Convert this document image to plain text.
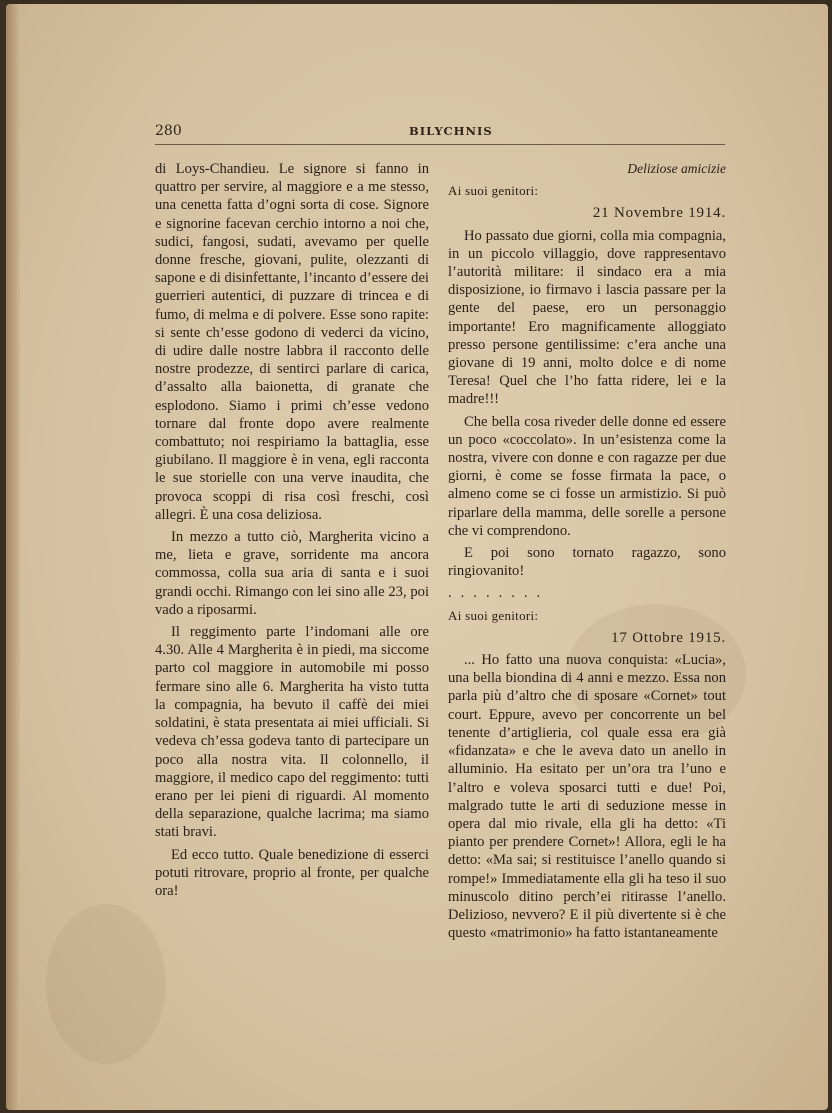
280	BILYCHNIS

di Loys-Chandieu. Le signore si fanno in quattro per servire, al maggiore e a me stesso, una cenetta fatta d’ogni sorta di cose. Signore e signorine facevan cerchio intorno a noi che, sudici, fangosi, sudati, avevamo per quelle donne fresche, giovani, pulite, olezzanti di sapone e di disinfettante, l’incanto d’essere dei guerrieri autentici, di puzzare di trincea e di fumo, di melma e di polvere. Esse sono rapite: si sente ch’esse godono di vederci da vicino, di udire dalle nostre labbra il racconto delle nostre prodezze, di sentirci parlare di carica, d’assalto alla baionetta, di granate che esplodono. Siamo i primi ch’esse vedono tornare dal fronte dopo avere realmente combattuto; noi respiriamo la battaglia, esse giubilano. Il maggiore è in vena, egli racconta le sue storielle con una verve inaudita, che provoca scoppi di risa così freschi, così allegri. È una cosa deliziosa.

In mezzo a tutto ciò, Margherita vicino a me, lieta e grave, sorridente ma ancora commossa, colla sua aria di santa e i suoi grandi occhi. Rimango con lei sino alle 23, poi vado a riposarmi.

Il reggimento parte l’indomani alle ore 4.30. Alle 4 Margherita è in piedi, ma siccome parto col maggiore in automobile mi posso fermare sino alle 6. Margherita ha visto tutta la compagnia, ha bevuto il caffè dei miei soldatini, è stata presentata ai miei ufficiali. Si vedeva ch’essa godeva tanto di partecipare un poco alla nostra vita. Il colonnello, il maggiore, il medico capo del reggimento: tutti erano per lei pieni di riguardi. Al momento della separazione, qualche lacrima; ma siamo stati bravi.

Ed ecco tutto. Quale benedizione di esserci potuti ritrovare, proprio al fronte, per qualche ora!

Deliziose amicizie

Ai suoi genitori:

21 Novembre 1914.

Ho passato due giorni, colla mia compagnia, in un piccolo villaggio, dove rappresentavo l’autorità militare: il sindaco era a mia disposizione, io firmavo i lascia passare per la gente del paese, ero un personaggio importante! Ero magnificamente alloggiato presso persone gentilissime: c’era anche una giovane di 19 anni, molto dolce e di nome Teresa! Quel che l’ho fatta ridere, lei e la madre!!!

Che bella cosa riveder delle donne ed essere un poco «coccolato». In un’esistenza come la nostra, vivere con donne e con ragazze per due giorni, è come se fosse firmata la pace, o almeno come se ci fosse un armistizio. Si può riparlare della mamma, delle sorelle a persone che vi comprendono.

E poi sono tornato ragazzo, sono ringiovanito!

........

Ai suoi genitori:

17 Ottobre 1915.

... Ho fatto una nuova conquista: «Lucia», una bella biondina di 4 anni e mezzo. Essa non parla più d’altro che di sposare «Cornet» tout court. Eppure, avevo per concorrente un bel tenente d’artiglieria, col quale essa era già «fidanzata» e che le aveva dato un anello in alluminio. Ha esitato per un’ora tra l’uno e l’altro e voleva sposarci tutti e due! Poi, malgrado tutte le arti di seduzione messe in opera dal mio rivale, ella gli ha detto: «Ti pianto per prendere Cornet»! Allora, egli le ha detto: «Ma sai; si restituisce l’anello quando si rompe!» Immediatamente ella gli ha teso il suo minuscolo ditino perch’ei ritirasse l’anello. Delizioso, nevvero? E il più divertente si è che questo «matrimonio» ha fatto istantaneamente
